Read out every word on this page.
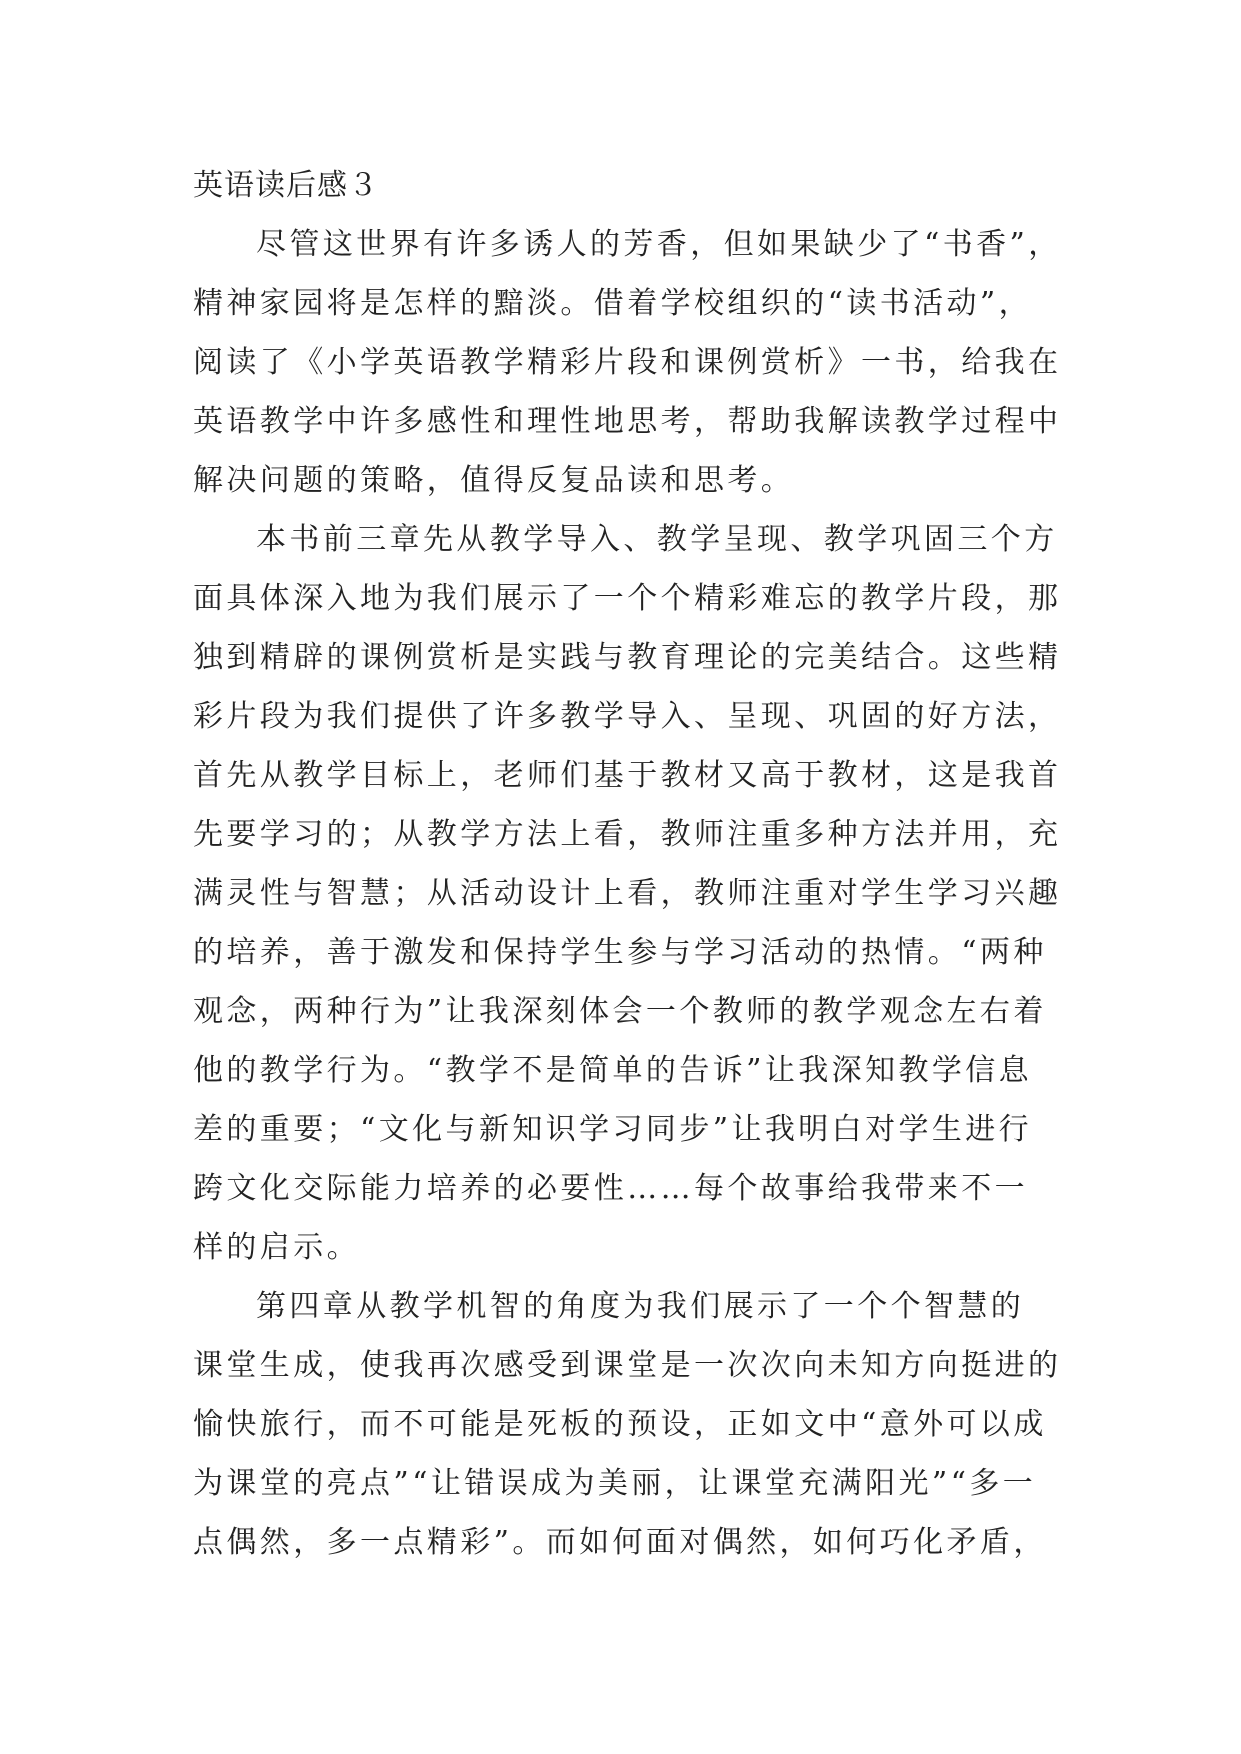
英语读后感３
尽管这世界有许多诱人的芳香，但如果缺少了“书香”，
精神家园将是怎样的黯淡。借着学校组织的“读书活动”，
阅读了《小学英语教学精彩片段和课例赏析》一书，给我在
英语教学中许多感性和理性地思考，帮助我解读教学过程中
解决问题的策略，值得反复品读和思考。
本书前三章先从教学导入、教学呈现、教学巩固三个方
面具体深入地为我们展示了一个个精彩难忘的教学片段，那
独到精辟的课例赏析是实践与教育理论的完美结合。这些精
彩片段为我们提供了许多教学导入、呈现、巩固的好方法，
首先从教学目标上，老师们基于教材又高于教材，这是我首
先要学习的；从教学方法上看，教师注重多种方法并用，充
满灵性与智慧；从活动设计上看，教师注重对学生学习兴趣
的培养，善于激发和保持学生参与学习活动的热情。“两种
观念，两种行为”让我深刻体会一个教师的教学观念左右着
他的教学行为。“教学不是简单的告诉”让我深知教学信息
差的重要；“文化与新知识学习同步”让我明白对学生进行
跨文化交际能力培养的必要性……每个故事给我带来不一
样的启示。
第四章从教学机智的角度为我们展示了一个个智慧的
课堂生成，使我再次感受到课堂是一次次向未知方向挺进的
愉快旅行，而不可能是死板的预设，正如文中“意外可以成
为课堂的亮点”“让错误成为美丽，让课堂充满阳光”“多一
点偶然，多一点精彩”。而如何面对偶然，如何巧化矛盾，
